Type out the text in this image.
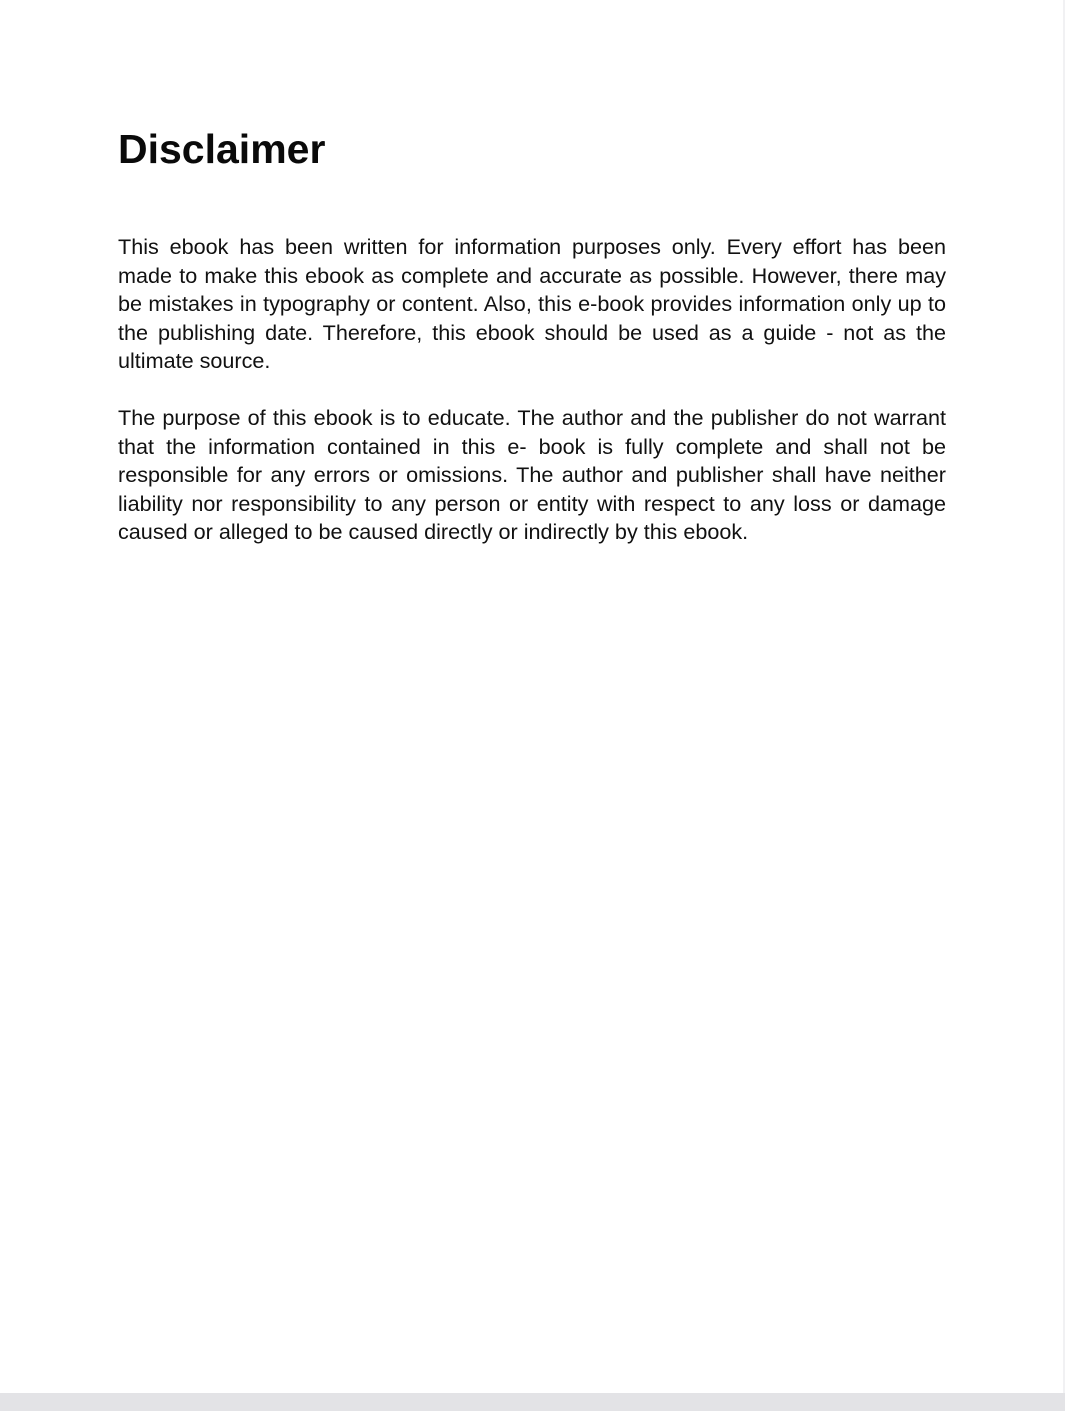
Disclaimer

This ebook has been written for information purposes only. Every effort has been made to make this ebook as complete and accurate as possible. However, there may be mistakes in typography or content. Also, this e-book provides information only up to the publishing date. Therefore, this ebook should be used as a guide - not as the ultimate source.

The purpose of this ebook is to educate. The author and the publisher do not warrant that the information contained in this e- book is fully complete and shall not be responsible for any errors or omissions. The author and publisher shall have neither liability nor responsibility to any person or entity with respect to any loss or damage caused or alleged to be caused directly or indirectly by this ebook.
